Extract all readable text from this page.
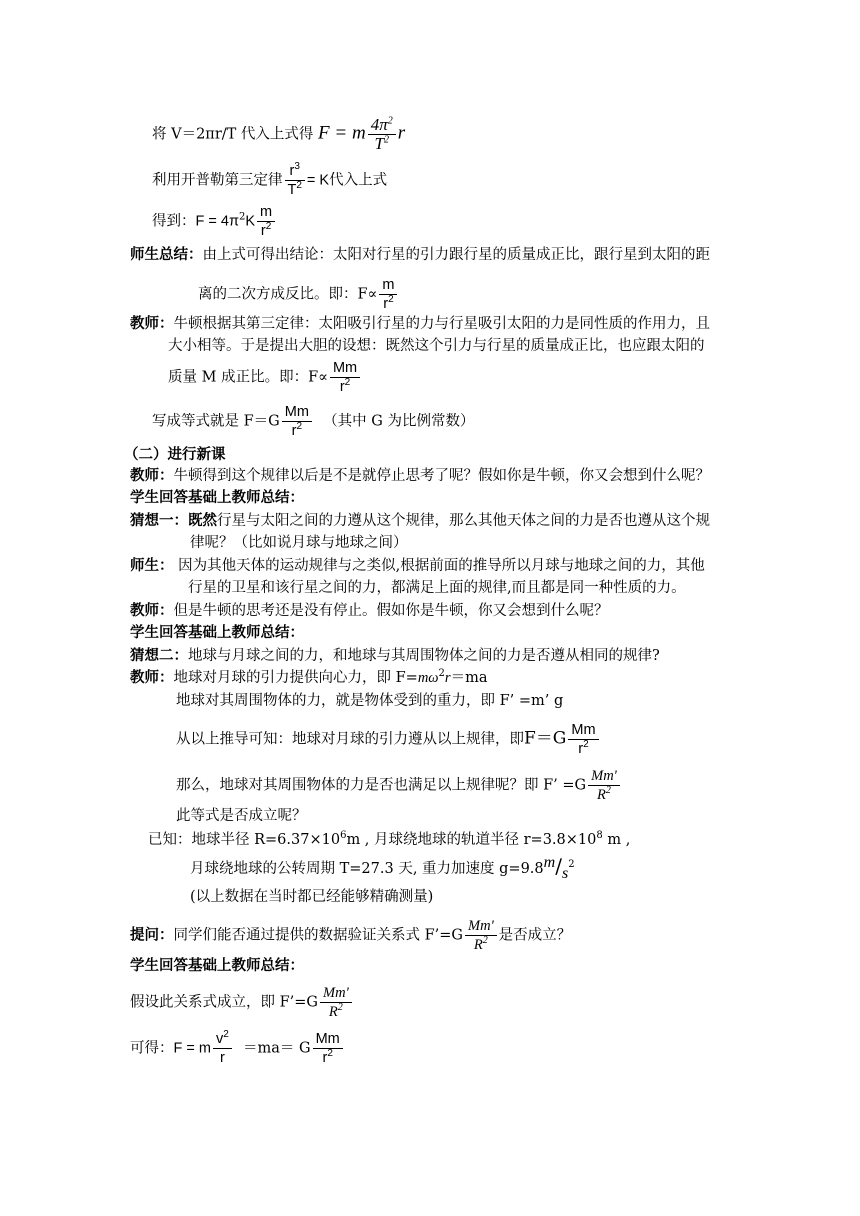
将 V＝2πr/T 代入上式得 F = m $\frac{4\pi^2}{T^2}$ r
利用开普勒第三定律 $\frac{r^3}{T^2} = K$代入上式
得到：$F = 4\pi^2K \frac{m}{r^2}$
师生总结：由上式可得出结论：太阳对行星的引力跟行星的质量成正比，跟行星到太阳的距
离的二次方成反比。即：$F\propto \frac{m}{r^2}$
教师：牛顿根据其第三定律：太阳吸引行星的力与行星吸引太阳的力是同性质的作用力，且
大小相等。于是提出大胆的设想：既然这个引力与行星的质量成正比，也应跟太阳的
质量 M 成正比。即：$F\propto \frac{Mm}{r^2}$
写成等式就是 $F=G \frac{Mm}{r^2}$ （其中 G 为比例常数）
（二）进行新课
教师：牛顿得到这个规律以后是不是就停止思考了呢？假如你是牛顿，你又会想到什么呢？
学生回答基础上教师总结：
猜想一：既然行星与太阳之间的力遵从这个规律，那么其他天体之间的力是否也遵从这个规
律呢？（比如说月球与地球之间）
师生： 因为其他天体的运动规律与之类似,根据前面的推导所以月球与地球之间的力，其他
行星的卫星和该行星之间的力，都满足上面的规律,而且都是同一种性质的力。
教师：但是牛顿的思考还是没有停止。假如你是牛顿，你又会想到什么呢？
学生回答基础上教师总结：
猜想二：地球与月球之间的力，和地球与其周围物体之间的力是否遵从相同的规律?
教师：地球对月球的引力提供向心力，即 $F=m\omega^2r=ma$
地球对其周围物体的力，就是物体受到的重力，即 F’ =m’ g
从以上推导可知：地球对月球的引力遵从以上规律，即$F=G \frac{Mm}{r^2}$
那么，地球对其周围物体的力是否也满足以上规律呢？即 F’ $=G \frac{Mm'}{R^2}$
此等式是否成立呢？
已知：地球半径 $R=6.37\times 10^6m$ , 月球绕地球的轨道半径 $r=3.8\times 10^8$ m ,
月球绕地球的公转周期 T=27.3 天, 重力加速度 $g=9.8m∕s^2$
(以上数据在当时都已经能够精确测量)
提问：同学们能否通过提供的数据验证关系式 F’=G $\frac{Mm'}{R^2}$ 是否成立？
学生回答基础上教师总结：
假设此关系式成立，即 F’=G $\frac{Mm'}{R^2}$
可得：F = m $\frac{v^2}{r} =ma= G \frac{Mm}{r^2}$
